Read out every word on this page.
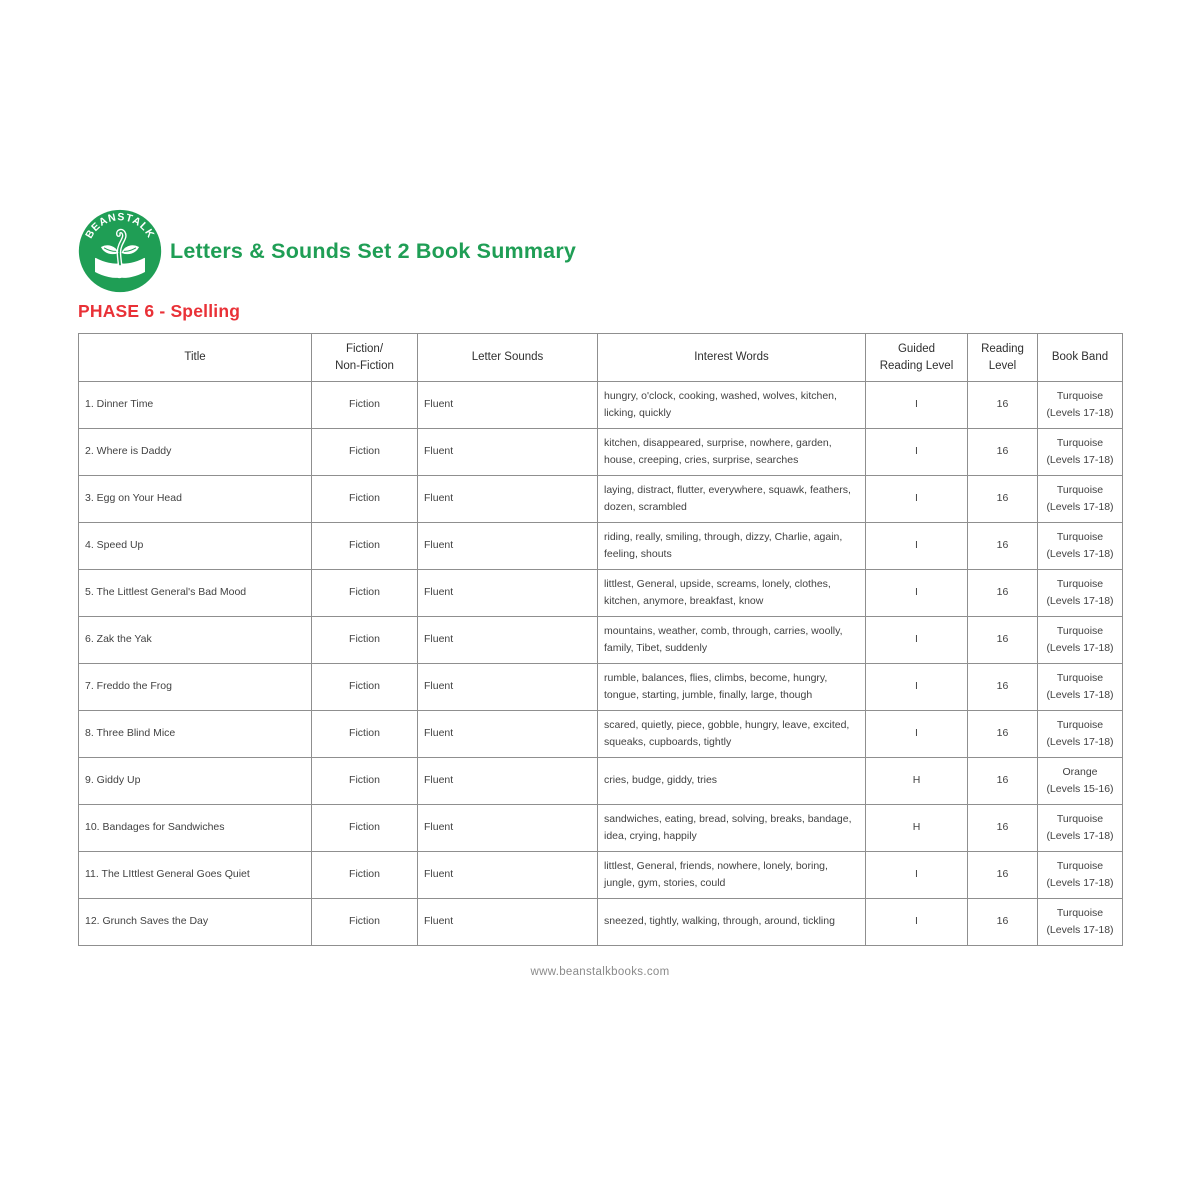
BEANSTALK
Letters & Sounds Set 2 Book Summary
PHASE 6 - Spelling
Title	Fiction/
Non-Fiction	Letter Sounds	Interest Words	Guided
Reading Level	Reading
Level	Book Band
1. Dinner Time	Fiction	Fluent	hungry, o'clock, cooking, washed, wolves, kitchen, licking, quickly	I	16	Turquoise
(Levels 17-18)
2. Where is Daddy	Fiction	Fluent	kitchen, disappeared, surprise, nowhere, garden, house, creeping, cries, surprise, searches	I	16	Turquoise
(Levels 17-18)
3. Egg on Your Head	Fiction	Fluent	laying, distract, flutter, everywhere, squawk, feathers, dozen, scrambled	I	16	Turquoise
(Levels 17-18)
4. Speed Up	Fiction	Fluent	riding, really, smiling, through, dizzy, Charlie, again, feeling, shouts	I	16	Turquoise
(Levels 17-18)
5. The Littlest General's Bad Mood	Fiction	Fluent	littlest, General, upside, screams, lonely, clothes, kitchen, anymore, breakfast, know	I	16	Turquoise
(Levels 17-18)
6. Zak the Yak	Fiction	Fluent	mountains, weather, comb, through, carries, woolly, family, Tibet, suddenly	I	16	Turquoise
(Levels 17-18)
7. Freddo the Frog	Fiction	Fluent	rumble, balances, flies, climbs, become, hungry, tongue, starting, jumble, finally, large, though	I	16	Turquoise
(Levels 17-18)
8. Three Blind Mice	Fiction	Fluent	scared, quietly, piece, gobble, hungry, leave, excited, squeaks, cupboards, tightly	I	16	Turquoise
(Levels 17-18)
9. Giddy Up	Fiction	Fluent	cries, budge, giddy, tries	H	16	Orange
(Levels 15-16)
10. Bandages for Sandwiches	Fiction	Fluent	sandwiches, eating, bread, solving, breaks, bandage, idea, crying, happily	H	16	Turquoise
(Levels 17-18)
11. The LIttlest General Goes Quiet	Fiction	Fluent	littlest, General, friends, nowhere, lonely, boring, jungle, gym, stories, could	I	16	Turquoise
(Levels 17-18)
12. Grunch Saves the Day	Fiction	Fluent	sneezed, tightly, walking, through, around, tickling	I	16	Turquoise
(Levels 17-18)
www.beanstalkbooks.com
